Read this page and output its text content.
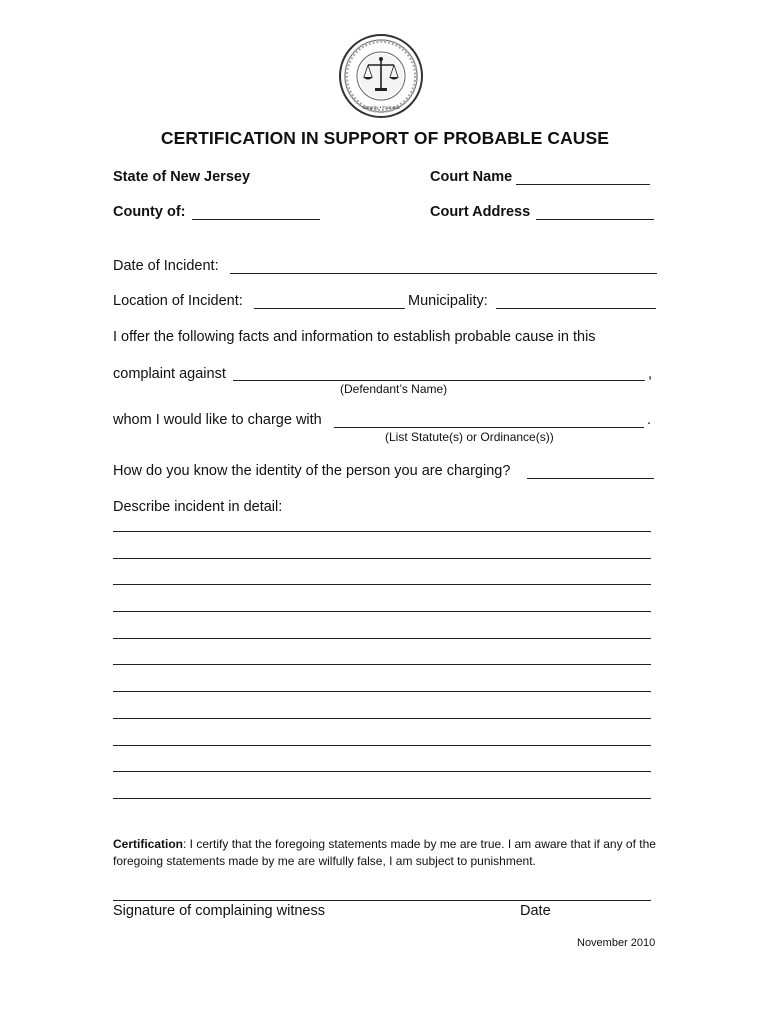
Integrity • Fairness
CERTIFICATION IN SUPPORT OF PROBABLE CAUSE
State of New Jersey	Court Name
County of:	Court Address
Date of Incident:
Location of Incident:	Municipality:
I offer the following facts and information to establish probable cause in this
complaint against	,
(Defendant’s Name)
whom I would like to charge with	.
(List Statute(s) or Ordinance(s))
How do you know the identity of the person you are charging?
Describe incident in detail:
Certification: I certify that the foregoing statements made by me are true. I am aware that if any of the foregoing statements made by me are wilfully false, I am subject to punishment.
Signature of complaining witness	Date
November 2010
